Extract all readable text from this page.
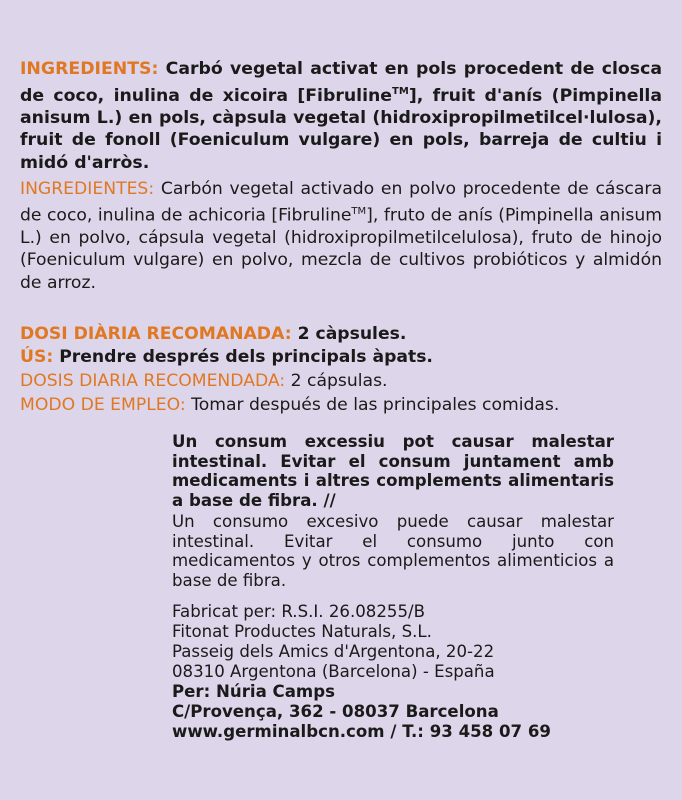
INGREDIENTS: Carbó vegetal activat en pols procedent de closca de coco, inulina de xicoira [Fibruline™], fruit d'anís (Pimpinella anisum L.) en pols, càpsula vegetal (hidroxipropilmetilcel·lulosa), fruit de fonoll (Foeniculum vulgare) en pols, barreja de cultiu i midó d'arròs.

INGREDIENTES: Carbón vegetal activado en polvo procedente de cáscara de coco, inulina de achicoria [Fibruline™], fruto de anís (Pimpinella anisum L.) en polvo, cápsula vegetal (hidroxipropilmetilcelulosa), fruto de hinojo (Foeniculum vulgare) en polvo, mezcla de cultivos probióticos y almidón de arroz.

DOSI DIÀRIA RECOMANADA: 2 càpsules.

ÚS: Prendre després dels principals àpats.

DOSIS DIARIA RECOMENDADA: 2 cápsulas.

MODO DE EMPLEO: Tomar después de las principales comidas.

Un consum excessiu pot causar malestar intestinal. Evitar el consum juntament amb medicaments i altres complements alimentaris a base de fibra. //

Un consumo excesivo puede causar malestar intestinal. Evitar el consumo junto con medicamentos y otros complementos alimenticios a base de fibra.

Fabricat per: R.S.I. 26.08255/B
Fitonat Productes Naturals, S.L.
Passeig dels Amics d'Argentona, 20-22
08310 Argentona (Barcelona) - España
Per: Núria Camps
C/Provença, 362 - 08037 Barcelona
www.germinalbcn.com / T.: 93 458 07 69
